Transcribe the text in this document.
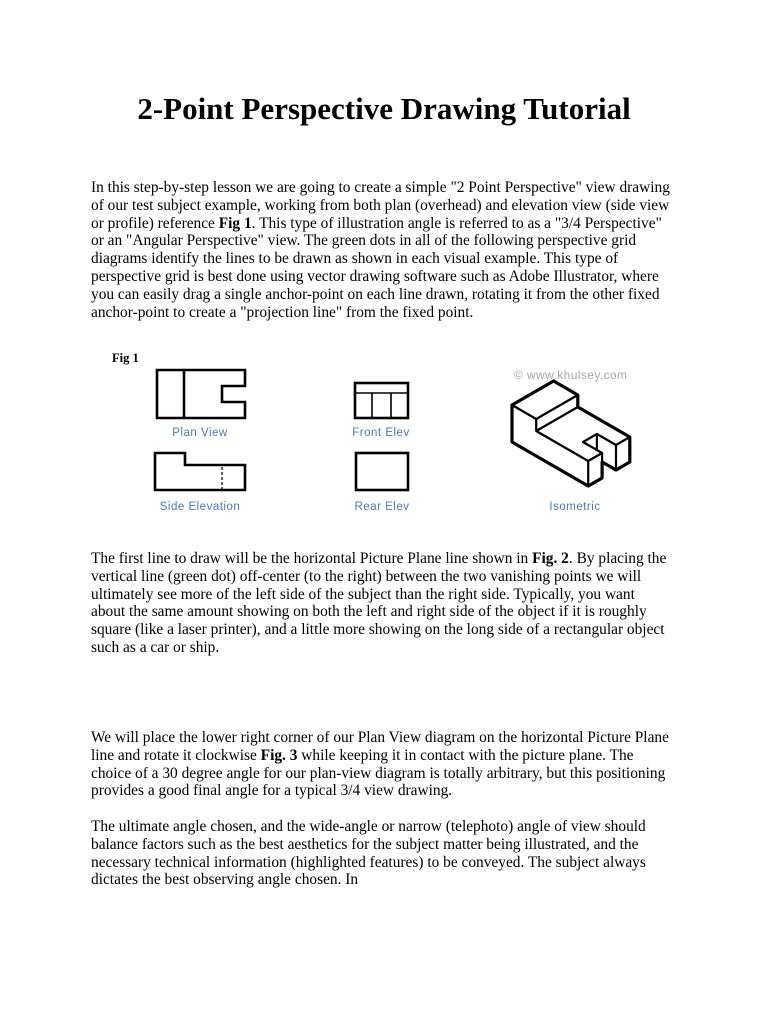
2-Point Perspective Drawing Tutorial
In this step-by-step lesson we are going to create a simple "2 Point Perspective" view drawing
of our test subject example, working from both plan (overhead) and elevation view (side view
or profile) reference Fig 1. This type of illustration angle is referred to as a "3/4 Perspective"
or an "Angular Perspective" view. The green dots in all of the following perspective grid
diagrams identify the lines to be drawn as shown in each visual example. This type of
perspective grid is best done using vector drawing software such as Adobe Illustrator, where
you can easily drag a single anchor-point on each line drawn, rotating it from the other fixed
anchor-point to create a "projection line" from the fixed point.
Fig 1
© www.khulsey.com
Plan View	Front Elev
Side Elevation	Rear Elev	Isometric
The first line to draw will be the horizontal Picture Plane line shown in Fig. 2. By placing the
vertical line (green dot) off-center (to the right) between the two vanishing points we will
ultimately see more of the left side of the subject than the right side. Typically, you want
about the same amount showing on both the left and right side of the object if it is roughly
square (like a laser printer), and a little more showing on the long side of a rectangular object
such as a car or ship.
We will place the lower right corner of our Plan View diagram on the horizontal Picture Plane
line and rotate it clockwise Fig. 3 while keeping it in contact with the picture plane. The
choice of a 30 degree angle for our plan-view diagram is totally arbitrary, but this positioning
provides a good final angle for a typical 3/4 view drawing.
The ultimate angle chosen, and the wide-angle or narrow (telephoto) angle of view should
balance factors such as the best aesthetics for the subject matter being illustrated, and the
necessary technical information (highlighted features) to be conveyed. The subject always
dictates the best observing angle chosen. In
